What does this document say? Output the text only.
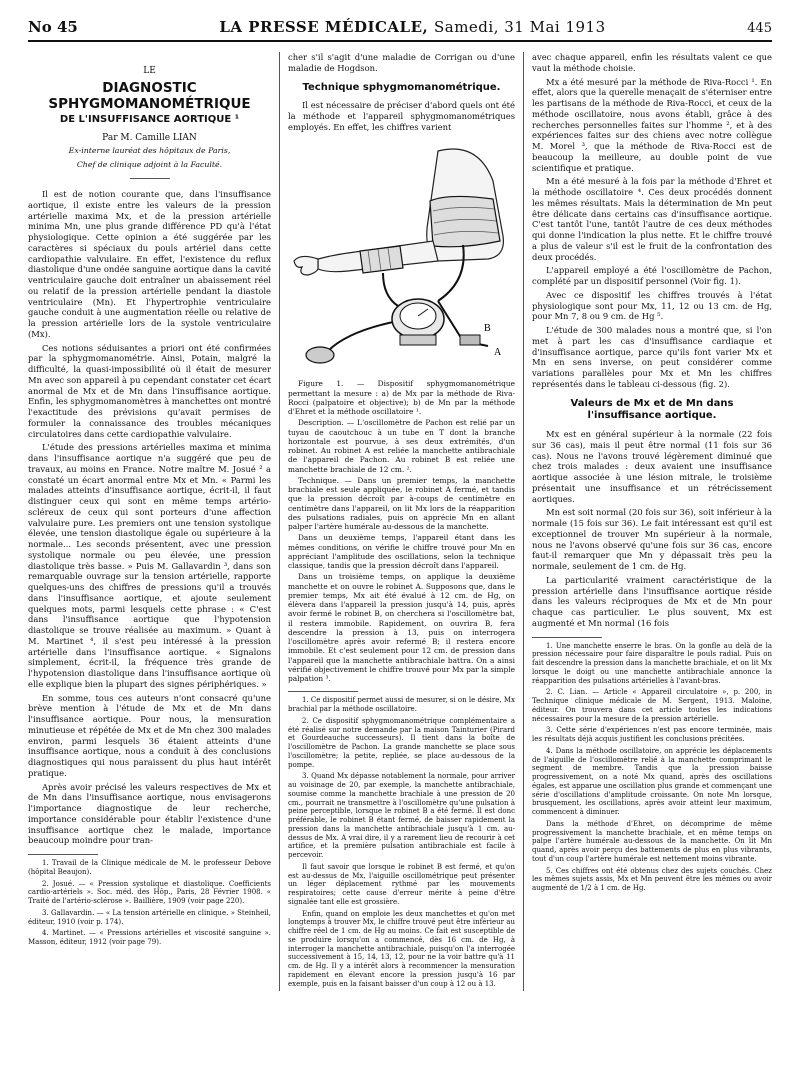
No 45	LA PRESSE MÉDICALE, Samedi, 31 Mai 1913	445
LE
DIAGNOSTIC SPHYGMOMANOMÉTRIQUE
DE L'INSUFFISANCE AORTIQUE ¹
Par M. Camille LIAN
Ex-interne lauréat des hôpitaux de Paris,
Chef de clinique adjoint à la Faculté.

Il est de notion courante que, dans l'insuffisance aortique, il existe entre les valeurs de la pression artérielle maxima Mx, et de la pression artérielle minima Mn, une plus grande différence PD qu'à l'état physiologique. Cette opinion a été suggérée par les caractères si spéciaux du pouls artériel dans cette cardiopathie valvulaire. En effet, l'existence du reflux diastolique d'une ondée sanguine aortique dans la cavité ventriculaire gauche doit entraîner un abaissement réel ou relatif de la pression artérielle pendant la diastole ventriculaire (Mn). Et l'hypertrophie ventriculaire gauche conduit à une augmentation réelle ou relative de la pression artérielle lors de la systole ventriculaire (Mx).

Ces notions séduisantes a priori ont été confirmées par la sphygmomanométrie. Ainsi, Potain, malgré la difficulté, la quasi-impossibilité où il était de mesurer Mn avec son appareil à pu cependant constater cet écart anormal de Mx et de Mn dans l'insuffisance aortique. Enfin, les sphygmomanomètres à manchettes ont montré l'exactitude des prévisions qu'avait permises de formuler la connaissance des troubles mécaniques circulatoires dans cette cardiopathie valvulaire.

L'étude des pressions artérielles maxima et minima dans l'insuffisance aortique n'a suggéré que peu de travaux, au moins en France. Notre maître M. Josué ² a constaté un écart anormal entre Mx et Mn. « Parmi les malades atteints d'insuffisance aortique, écrit-il, il faut distinguer ceux qui sont en même temps artério-scléreux de ceux qui sont porteurs d'une affection valvulaire pure. Les premiers ont une tension systolique élevée, une tension diastolique égale ou supérieure à la normale... Les seconds présentent, avec une pression systolique normale ou peu élevée, une pression diastolique très basse. » Puis M. Gallavardin ³, dans son remarquable ouvrage sur la tension artérielle, rapporte quelques-uns des chiffres de pressions qu'il a trouvés dans l'insuffisance aortique, et ajoute seulement quelques mots, parmi lesquels cette phrase : « C'est dans l'insuffisance aortique que l'hypotension diastolique se trouve réalisée au maximum. » Quant à M. Martinet ⁴, il s'est peu intéressé à la pression artérielle dans l'insuffisance aortique. « Signalons simplement, écrit-il, la fréquence très grande de l'hypotension diastolique dans l'insuffisance aortique où elle explique bien la plupart des signes périphériques. »

En somme, tous ces auteurs n'ont consacré qu'une brève mention à l'étude de Mx et de Mn dans l'insuffisance aortique. Pour nous, la mensuration minutieuse et répétée de Mx et de Mn chez 300 malades environ, parmi lesquels 36 étaient atteints d'une insuffisance aortique, nous a conduit à des conclusions diagnostiques qui nous paraissent du plus haut intérêt pratique.

Après avoir précisé les valeurs respectives de Mx et de Mn dans l'insuffisance aortique, nous envisagerons l'importance diagnostique de leur recherche, importance considérable pour établir l'existence d'une insuffisance aortique chez le malade, importance beaucoup moindre pour tran-

1. Travail de la Clinique médicale de M. le professeur Debove (hôpital Beaujon).

2. Josué. — « Pression systolique et diastolique. Coefficients cardio-artériels ». Soc. méd. des Hôp., Paris, 28 Février 1908. « Traité de l'artério-sclérose ». Baillière, 1909 (voir page 220).

3. Gallavardin. — « La tension artérielle en clinique. » Steinheil, éditeur, 1910 (voir p. 174).

4. Martinet. — « Pressions artérielles et viscosité sanguine ». Masson, éditeur, 1912 (voir page 79).

cher s'il s'agit d'une maladie de Corrigan ou d'une maladie de Hogdson.

Technique sphygmomanométrique.

Il est nécessaire de préciser d'abord quels ont été la méthode et l'appareil sphygmomanométriques employés. En effet, les chiffres varient

B
A

Figure 1. — Dispositif sphygmomanométrique permettant la mesure : a) de Mx par la méthode de Riva-Rocci (palpatoire et objective); b) de Mn par la méthode d'Ehret et la méthode oscillatoire ¹.

Description. — L'oscillomètre de Pachon est relié par un tuyau de caoutchouc à un tube en T dont la branche horizontale est pourvue, à ses deux extrémités, d'un robinet. Au robinet A est reliée la manchette antibrachiale de l'appareil de Pachon. Au robinet B est reliée une manchette brachiale de 12 cm. ².

Technique. — Dans un premier temps, la manchette brachiale est seule appliquée, le robinet A fermé, et tandis que la pression décroît par à-coups de centimètre en centimètre dans l'appareil, on lit Mx lors de la réapparition des pulsations radiales, puis on apprécie Mn en allant palper l'artère humérale au-dessous de la manchette.

Dans un deuxième temps, l'appareil étant dans les mêmes conditions, on vérifie le chiffre trouvé pour Mn en appréciant l'amplitude des oscillations, selon la technique classique, tandis que la pression décroît dans l'appareil.

Dans un troisième temps, on applique la deuxième manchette et on ouvre le robinet A. Supposons que, dans le premier temps, Mx ait été évalué à 12 cm. de Hg, on élèvera dans l'appareil la pression jusqu'à 14, puis, après avoir fermé le robinet B, on cherchera si l'oscillomètre bat, il restera immobile. Rapidement, on ouvrira B, fera descendre la pression à 13, puis on interrogera l'oscillomètre après avoir refermé B; il restera encore immobile. Et c'est seulement pour 12 cm. de pression dans l'appareil que la manchette antibrachiale battra. On a ainsi vérifié objectivement le chiffre trouvé pour Mx par la simple palpation ³.

1. Ce dispositif permet aussi de mesurer, si on le désire, Mx brachial par la méthode oscillatoire.

2. Ce dispositif sphygmomanométrique complémentaire a été réalisé sur notre demande par la maison Tainturier (Pirard et Gourdeauche successeurs). Il tient dans la boîte de l'oscillomètre de Pachon. La grande manchette se place sous l'oscillomètre; la petite, repliée, se place au-dessous de la pompe.

3. Quand Mx dépasse notablement la normale, pour arriver au voisinage de 20, par exemple, la manchette antibrachiale, soumise comme la manchette brachiale à une pression de 20 cm., pourrait ne transmettre à l'oscillomètre qu'une pulsation à peine perceptible, lorsque le robinet B a été fermé. Il est donc préférable, le robinet B étant fermé, de baisser rapidement la pression dans la manchette antibrachiale jusqu'à 1 cm. au-dessus de Mx. A vrai dire, il y a rarement lieu de recourir à cet artifice, et la première pulsation antibrachiale est facile à percevoir.

Il faut savoir que lorsque le robinet B est fermé, et qu'on est au-dessus de Mx, l'aiguille oscillométrique peut présenter un léger déplacement rythmé par les mouvements respiratoires; cette cause d'erreur mérite à peine d'être signalée tant elle est grossière.

Enfin, quand on emploie les deux manchettes et qu'on met longtemps à trouver Mx, le chiffre trouvé peut être inférieur au chiffre réel de 1 cm. de Hg au moins. Ce fait est susceptible de se produire lorsqu'on a commencé, dès 16 cm. de Hg, à interroger la manchette antibrachiale, puisqu'on l'a interrogée successivement à 15, 14, 13, 12, pour ne la voir battre qu'à 11 cm. de Hg. Il y a intérêt alors à recommencer la mensuration rapidement en élevant encore la pression jusqu'à 16 par exemple, puis en la faisant baisser d'un coup à 12 ou à 13.

avec chaque appareil, enfin les résultats valent ce que vaut la méthode choisie.

Mx a été mesuré par la méthode de Riva-Rocci ¹. En effet, alors que la querelle menaçait de s'éterniser entre les partisans de la méthode de Riva-Rocci, et ceux de la méthode oscillatoire, nous avons établi, grâce à des recherches personnelles faites sur l'homme ², et à des expériences faites sur des chiens avec notre collègue M. Morel ³, que la méthode de Riva-Rocci est de beaucoup la meilleure, au double point de vue scientifique et pratique.

Mn a été mesuré à la fois par la méthode d'Ehret et la méthode oscillatoire ⁴. Ces deux procédés donnent les mêmes résultats. Mais la détermination de Mn peut être délicate dans certains cas d'insuffisance aortique. C'est tantôt l'une, tantôt l'autre de ces deux méthodes qui donne l'indication la plus nette. Et le chiffre trouvé a plus de valeur s'il est le fruit de la confrontation des deux procédés.

L'appareil employé a été l'oscillomètre de Pachon, complété par un dispositif personnel (Voir fig. 1).

Avec ce dispositif les chiffres trouvés à l'état physiologique sont pour Mx, 11, 12 ou 13 cm. de Hg, pour Mn 7, 8 ou 9 cm. de Hg ⁵.

L'étude de 300 malades nous a montré que, si l'on met à part les cas d'insuffisance cardiaque et d'insuffisance aortique, parce qu'ils font varier Mx et Mn en sens inverse, on peut considérer comme variations parallèles pour Mx et Mn les chiffres représentés dans le tableau ci-dessous (fig. 2).

Valeurs de Mx et de Mn dans l'insuffisance aortique.

Mx est en général supérieur à la normale (22 fois sur 36 cas), mais il peut être normal (11 fois sur 36 cas). Nous ne l'avons trouvé légèrement diminué que chez trois malades : deux avaient une insuffisance aortique associée à une lésion mitrale, le troisième présentait une insuffisance et un rétrécissement aortiques.

Mn est soit normal (20 fois sur 36), soit inférieur à la normale (15 fois sur 36). Le fait intéressant est qu'il est exceptionnel de trouver Mn supérieur à la normale, nous ne l'avons observé qu'une fois sur 36 cas, encore faut-il remarquer que Mn y dépassait très peu la normale, seulement de 1 cm. de Hg.

La particularité vraiment caractéristique de la pression artérielle dans l'insuffisance aortique réside dans les valeurs réciproques de Mx et de Mn pour chaque cas particulier. Le plus souvent, Mx est augmenté et Mn normal (16 fois

1. Une manchette enserre le bras. On la gonfle au delà de la pression nécessaire pour faire disparaître le pouls radial. Puis on fait descendre la pression dans la manchette brachiale, et on lit Mx lorsque le doigt ou une manchette antibrachiale annonce la réapparition des pulsations artérielles à l'avant-bras.

2. C. Lian. — Article « Appareil circulatoire », p. 200, in Technique clinique médicale de M. Sergent, 1913. Maloine, éditeur. On trouvera dans cet article toutes les indications nécessaires pour la mesure de la pression artérielle.

3. Cette série d'expériences n'est pas encore terminée, mais les résultats déjà acquis justifient les conclusions précitées.

4. Dans la méthode oscillatoire, on apprécie les déplacements de l'aiguille de l'oscillomètre relié à la manchette comprimant le segment de membre. Tandis que la pression baisse progressivement, on a noté Mx quand, après des oscillations égales, est apparue une oscillation plus grande et commençant une série d'oscillations d'amplitude croissante. On note Mn lorsque, brusquement, les oscillations, après avoir atteint leur maximum, commencent à diminuer.

Dans la méthode d'Ehret, on décomprime de même progressivement la manchette brachiale, et en même temps on palpe l'artère humérale au-dessous de la manchette. On lit Mn quand, après avoir perçu des battements de plus en plus vibrants, tout d'un coup l'artère humérale est nettement moins vibrante.

5. Ces chiffres ont été obtenus chez des sujets couchés. Chez les mêmes sujets assis, Mx et Mn peuvent être les mêmes ou avoir augmenté de 1/2 à 1 cm. de Hg.
